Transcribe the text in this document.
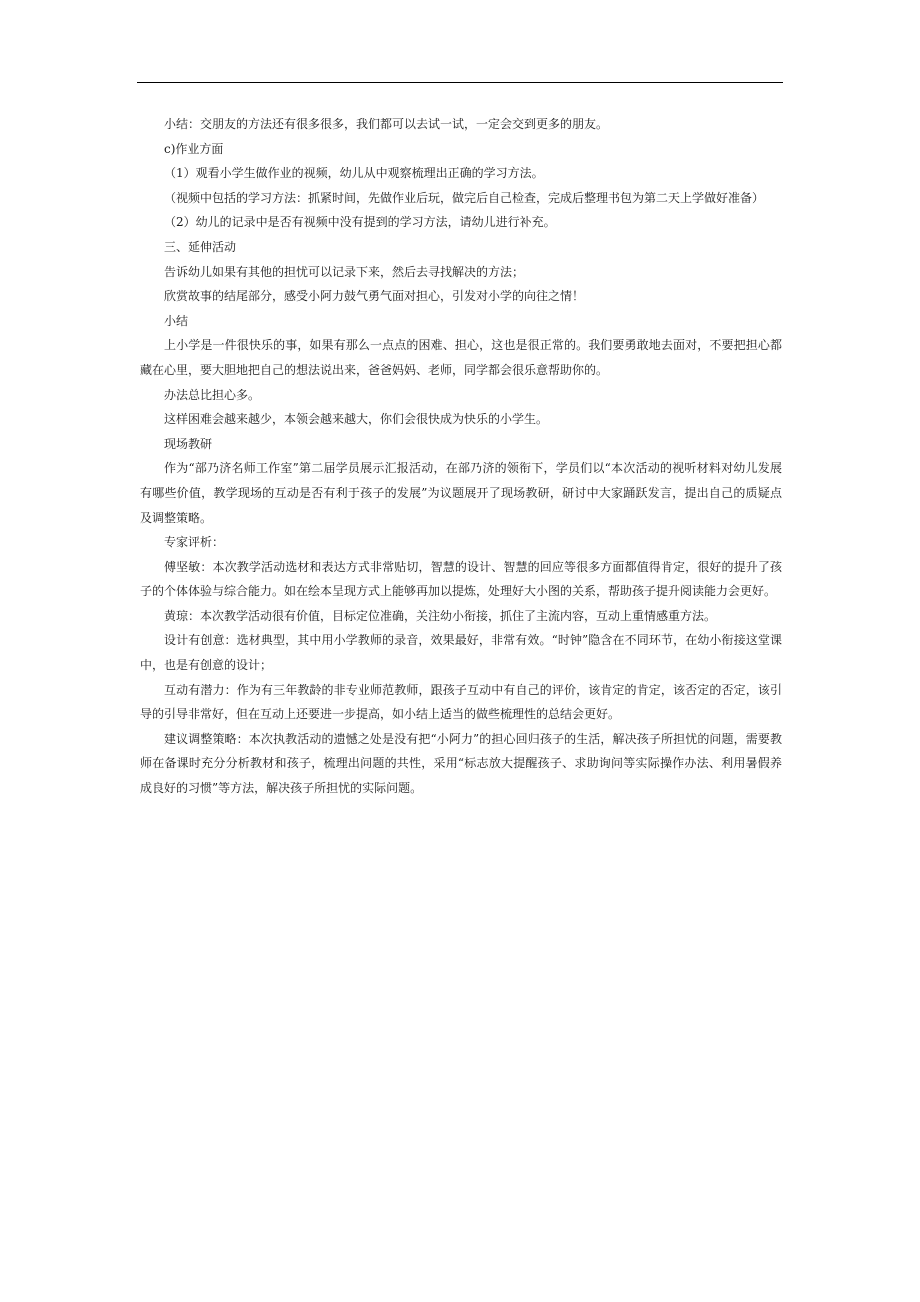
小结：交朋友的方法还有很多很多，我们都可以去试一试，一定会交到更多的朋友。

c)作业方面

（1）观看小学生做作业的视频，幼儿从中观察梳理出正确的学习方法。

（视频中包括的学习方法：抓紧时间，先做作业后玩，做完后自己检查，完成后整理书包为第二天上学做好准备）

（2）幼儿的记录中是否有视频中没有提到的学习方法，请幼儿进行补充。

三、延伸活动

告诉幼儿如果有其他的担忧可以记录下来，然后去寻找解决的方法；

欣赏故事的结尾部分，感受小阿力鼓气勇气面对担心，引发对小学的向往之情！

小结

上小学是一件很快乐的事，如果有那么一点点的困难、担心，这也是很正常的。我们要勇敢地去面对，不要把担心都藏在心里，要大胆地把自己的想法说出来，爸爸妈妈、老师，同学都会很乐意帮助你的。

办法总比担心多。

这样困难会越来越少，本领会越来越大，你们会很快成为快乐的小学生。

现场教研

作为“部乃济名师工作室”第二届学员展示汇报活动，在部乃济的领衔下，学员们以“本次活动的视听材料对幼儿发展有哪些价值，教学现场的互动是否有利于孩子的发展”为议题展开了现场教研，研讨中大家踊跃发言，提出自己的质疑点及调整策略。

专家评析：

傅坚敏：本次教学活动选材和表达方式非常贴切，智慧的设计、智慧的回应等很多方面都值得肯定，很好的提升了孩子的个体体验与综合能力。如在绘本呈现方式上能够再加以提炼，处理好大小图的关系，帮助孩子提升阅读能力会更好。

黄琼：本次教学活动很有价值，目标定位准确，关注幼小衔接，抓住了主流内容，互动上重情感重方法。

设计有创意：选材典型，其中用小学教师的录音，效果最好，非常有效。“时钟”隐含在不同环节，在幼小衔接这堂课中，也是有创意的设计；

互动有潜力：作为有三年教龄的非专业师范教师，跟孩子互动中有自己的评价，该肯定的肯定，该否定的否定，该引导的引导非常好，但在互动上还要进一步提高，如小结上适当的做些梳理性的总结会更好。

建议调整策略：本次执教活动的遗憾之处是没有把“小阿力”的担心回归孩子的生活，解决孩子所担忧的问题，需要教师在备课时充分分析教材和孩子，梳理出问题的共性，采用“标志放大提醒孩子、求助询问等实际操作办法、利用暑假养成良好的习惯”等方法，解决孩子所担忧的实际问题。
